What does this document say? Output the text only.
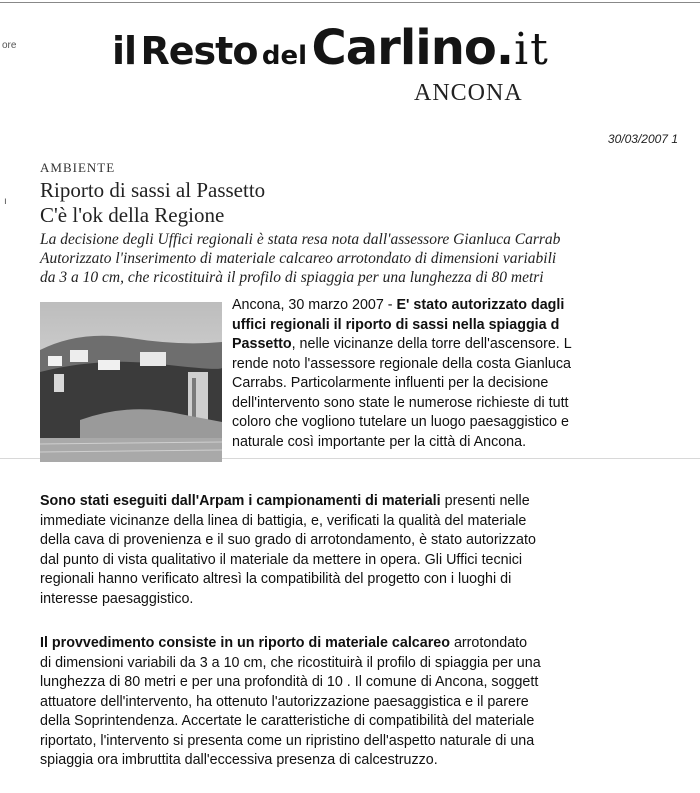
ore
ı
il Resto del Carlino.it
ANCONA
30/03/2007 1
AMBIENTE
Riporto di sassi al Passetto
C'è l'ok della Regione
La decisione degli Uffici regionali è stata resa nota dall'assessore Gianluca Carrab
Autorizzato l'inserimento di materiale calcareo arrotondato di dimensioni variabili
da 3 a 10 cm, che ricostituirà il profilo di spiaggia per una lunghezza di 80 metri
Ancona, 30 marzo 2007 - E' stato autorizzato dagli
uffici regionali il riporto di sassi nella spiaggia d
Passetto, nelle vicinanze della torre dell'ascensore. L
rende noto l'assessore regionale della costa Gianluca
Carrabs. Particolarmente influenti per la decisione
dell'intervento sono state le numerose richieste di tutt
coloro che vogliono tutelare un luogo paesaggistico e
naturale così importante per la città di Ancona.
Sono stati eseguiti dall'Arpam i campionamenti di materiali presenti nelle
immediate vicinanze della linea di battigia, e, verificati la qualità del materiale
della cava di provenienza e il suo grado di arrotondamento, è stato autorizzato
dal punto di vista qualitativo il materiale da mettere in opera. Gli Uffici tecnici
regionali hanno verificato altresì la compatibilità del progetto con i luoghi di
interesse paesaggistico.
Il provvedimento consiste in un riporto di materiale calcareo arrotondato
di dimensioni variabili da 3 a 10 cm, che ricostituirà il profilo di spiaggia per una
lunghezza di 80 metri e per una profondità di 10 . Il comune di Ancona, soggett
attuatore dell'intervento, ha ottenuto l'autorizzazione paesaggistica e il parere
della Soprintendenza. Accertate le caratteristiche di compatibilità del materiale
riportato, l'intervento si presenta come un ripristino dell'aspetto naturale di una
spiaggia ora imbruttita dall'eccessiva presenza di calcestruzzo.
